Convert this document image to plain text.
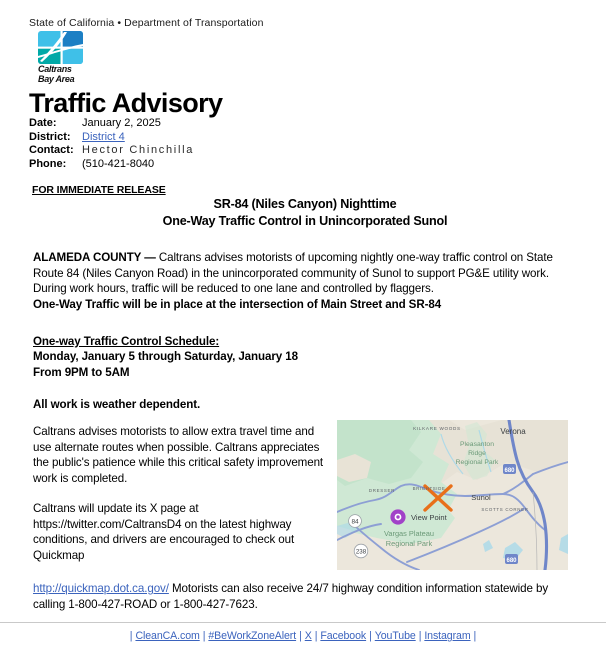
State of California • Department of Transportation
Caltrans
Bay Area
Traffic Advisory
Date:	January 2, 2025
District:	District 4
Contact: Hector Chinchilla
Phone:	(510-421-8040
FOR IMMEDIATE RELEASE
SR-84 (Niles Canyon) Nighttime
One-Way Traffic Control in Unincorporated Sunol
ALAMEDA COUNTY — Caltrans advises motorists of upcoming nightly one-way traffic control on State Route 84 (Niles Canyon Road) in the unincorporated community of Sunol to support PG&E utility work. During work hours, traffic will be reduced to one lane and controlled by flaggers.
One-Way Traffic will be in place at the intersection of Main Street and SR-84
One-way Traffic Control Schedule:
Monday, January 5 through Saturday, January 18
From 9PM to 5AM
All work is weather dependent.

Caltrans advises motorists to allow extra travel time and use alternate routes when possible. Caltrans appreciates the public's patience while this critical safety improvement work is completed.

Caltrans will update its X page at https://twitter.com/CaltransD4 on the latest highway conditions, and drivers are encouraged to check out Quickmap

http://quickmap.dot.ca.gov/ Motorists can also receive 24/7 highway condition information statewide by calling 1-800-427-ROAD or 1-800-427-7623.
680
680
84
238
KILKARE WOODS
DRESSER	BRIGHTSIDE
SCOTTS CORNER
Verona
Sunol
Pleasanton
Ridge
Regional Park
Vargas Plateau
Regional Park
View Point
| CleanCA.com | #BeWorkZoneAlert | X | Facebook | YouTube | Instagram |
